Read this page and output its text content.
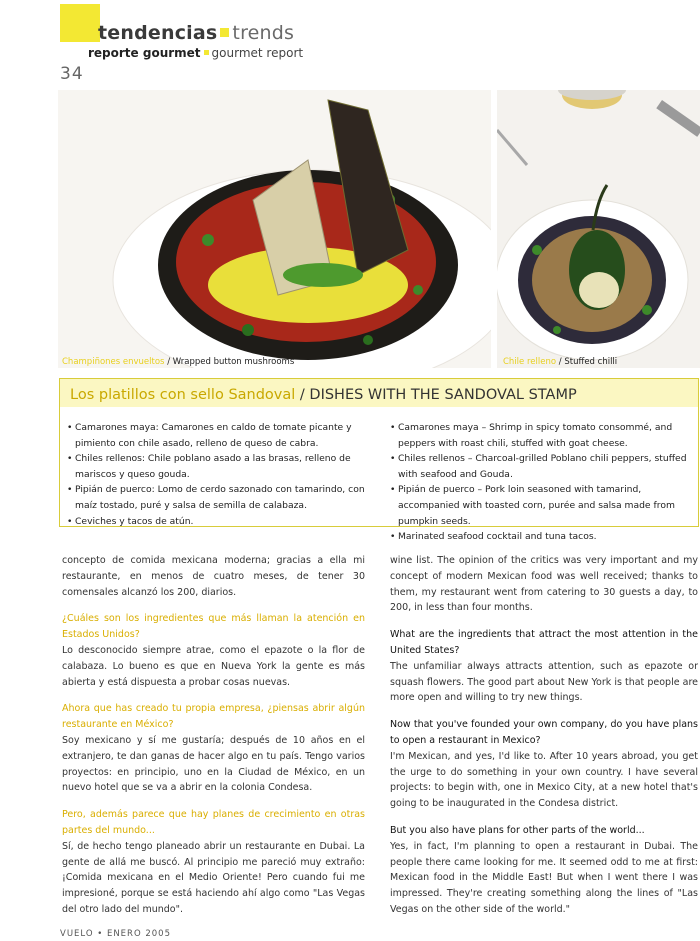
tendencias trends
reporte gourmet gourmet report
34
Champiñones envueltos / Wrapped button mushrooms	Chile relleno / Stuffed chilli
Los platillos con sello Sandoval / DISHES WITH THE SANDOVAL STAMP
• Camarones maya: Camarones en caldo de tomate picante y pimiento con chile asado, relleno de queso de cabra.
• Chiles rellenos: Chile poblano asado a las brasas, relleno de mariscos y queso gouda.
• Pipián de puerco: Lomo de cerdo sazonado con tamarindo, con maíz tostado, puré y salsa de semilla de calabaza.
• Ceviches y tacos de atún.
• Camarones maya – Shrimp in spicy tomato consommé, and peppers with roast chili, stuffed with goat cheese.
• Chiles rellenos – Charcoal-grilled Poblano chili peppers, stuffed with seafood and Gouda.
• Pipián de puerco – Pork loin seasoned with tamarind, accompanied with toasted corn, purée and salsa made from pumpkin seeds.
• Marinated seafood cocktail and tuna tacos.

concepto de comida mexicana moderna; gracias a ella mi restaurante, en menos de cuatro meses, de tener 30 comensales alcanzó los 200, diarios.

¿Cuáles son los ingredientes que más llaman la atención en Estados Unidos?

Lo desconocido siempre atrae, como el epazote o la flor de calabaza. Lo bueno es que en Nueva York la gente es más abierta y está dispuesta a probar cosas nuevas.

Ahora que has creado tu propia empresa, ¿piensas abrir algún restaurante en México?

Soy mexicano y sí me gustaría; después de 10 años en el extranjero, te dan ganas de hacer algo en tu país. Tengo varios proyectos: en principio, uno en la Ciudad de México, en un nuevo hotel que se va a abrir en la colonia Condesa.

Pero, además parece que hay planes de crecimiento en otras partes del mundo...

Sí, de hecho tengo planeado abrir un restaurante en Dubai. La gente de allá me buscó. Al principio me pareció muy extraño: ¡Comida mexicana en el Medio Oriente! Pero cuando fui me impresioné, porque se está haciendo ahí algo como "Las Vegas del otro lado del mundo".

wine list. The opinion of the critics was very important and my concept of modern Mexican food was well received; thanks to them, my restaurant went from catering to 30 guests a day, to 200, in less than four months.

What are the ingredients that attract the most attention in the United States?

The unfamiliar always attracts attention, such as epazote or squash flowers. The good part about New York is that people are more open and willing to try new things.

Now that you've founded your own company, do you have plans to open a restaurant in Mexico?

I'm Mexican, and yes, I'd like to. After 10 years abroad, you get the urge to do something in your own country. I have several projects: to begin with, one in Mexico City, at a new hotel that's going to be inaugurated in the Condesa district.

But you also have plans for other parts of the world...

Yes, in fact, I'm planning to open a restaurant in Dubai. The people there came looking for me. It seemed odd to me at first: Mexican food in the Middle East! But when I went there I was impressed. They're creating something along the lines of "Las Vegas on the other side of the world."

VUELO • ENERO 2005
